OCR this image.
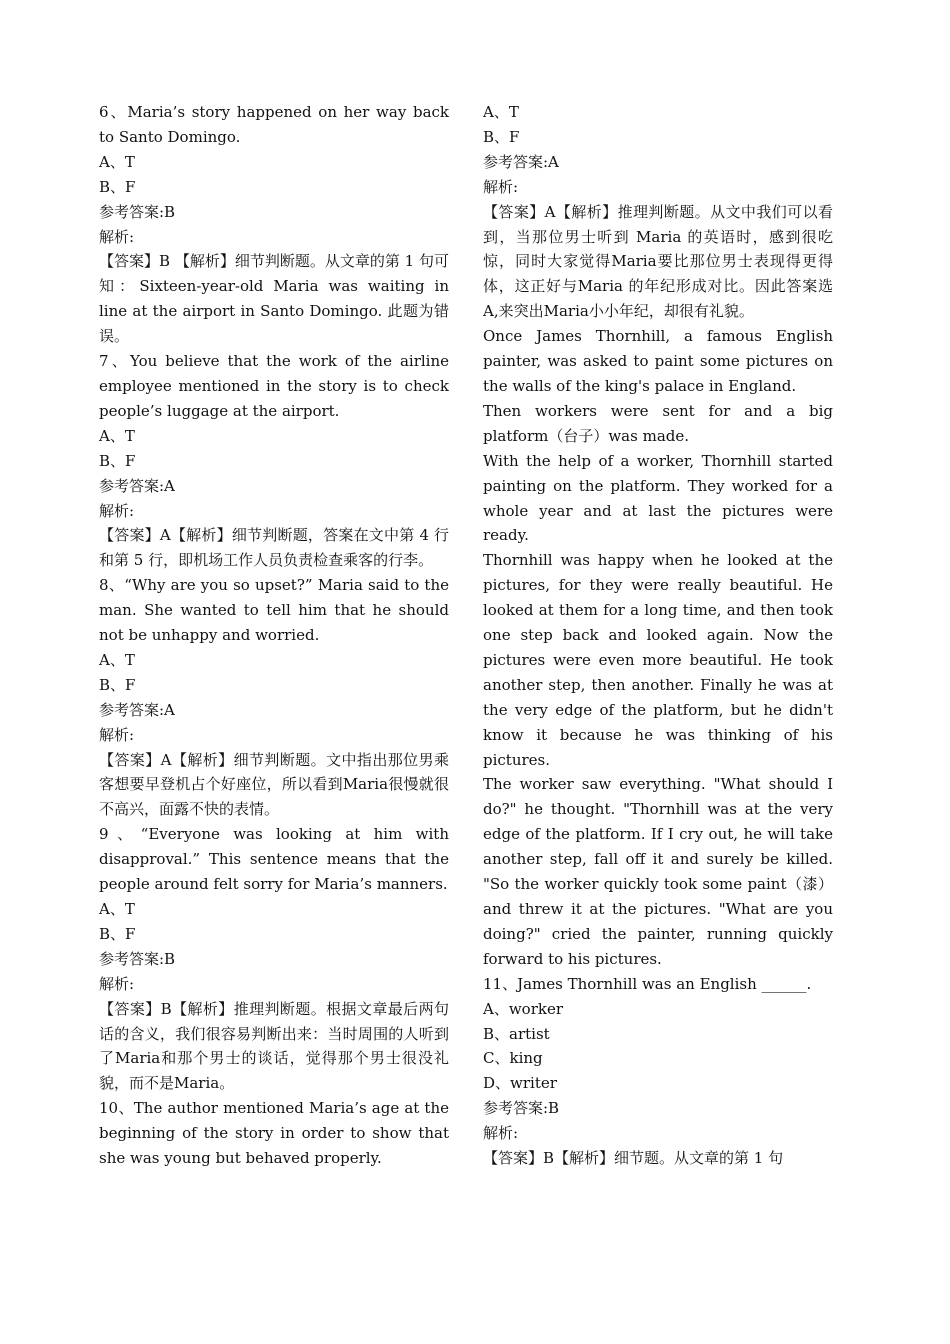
6、Maria’s story happened on her way back to Santo Domingo.

A、T

B、F

参考答案:B

解析:

【答案】B 【解析】细节判断题。从文章的第 1 句可知：Sixteen-year-old Maria was waiting in line at the airport in Santo Domingo. 此题为错误。

7、You believe that the work of the airline employee mentioned in the story is to check people’s luggage at the airport.

A、T

B、F

参考答案:A

解析:

【答案】A【解析】细节判断题，答案在文中第 4 行和第 5 行，即机场工作人员负责检查乘客的行李。

8、“Why are you so upset?” Maria said to the man. She wanted to tell him that he should not be unhappy and worried.

A、T

B、F

参考答案:A

解析:

【答案】A【解析】细节判断题。文中指出那位男乘客想要早登机占个好座位，所以看到Maria很慢就很不高兴，面露不快的表情。

9、“Everyone was looking at him with disapproval.” This sentence means that the people around felt sorry for Maria’s manners.

A、T

B、F

参考答案:B

解析:

【答案】B【解析】推理判断题。根据文章最后两句话的含义，我们很容易判断出来：当时周围的人听到了Maria和那个男士的谈话，觉得那个男士很没礼貌，而不是Maria。

10、The author mentioned Maria’s age at the beginning of the story in order to show that she was young but behaved properly.

A、T

B、F

参考答案:A

解析:

【答案】A【解析】推理判断题。从文中我们可以看到，当那位男士听到 Maria 的英语时，感到很吃惊，同时大家觉得Maria要比那位男士表现得更得体，这正好与Maria 的年纪形成对比。因此答案选A,来突出Maria小小年纪，却很有礼貌。

Once James Thornhill, a famous English painter, was asked to paint some pictures on the walls of the king's palace in England.

Then workers were sent for and a big platform（台子）was made.

With the help of a worker, Thornhill started painting on the platform. They worked for a whole year and at last the pictures were ready.

Thornhill was happy when he looked at the pictures, for they were really beautiful. He looked at them for a long time, and then took one step back and looked again. Now the pictures were even more beautiful. He took another step, then another. Finally he was at the very edge of the platform, but he didn't know it because he was thinking of his pictures.

The worker saw everything. "What should I do?" he thought. "Thornhill was at the very edge of the platform. If I cry out, he will take another step, fall off it and surely be killed. "So the worker quickly took some paint（漆）and threw it at the pictures. "What are you doing?" cried the painter, running quickly forward to his pictures.

11、James Thornhill was an English ______.

A、worker

B、artist

C、king

D、writer

参考答案:B

解析:

【答案】B【解析】细节题。从文章的第 1 句
